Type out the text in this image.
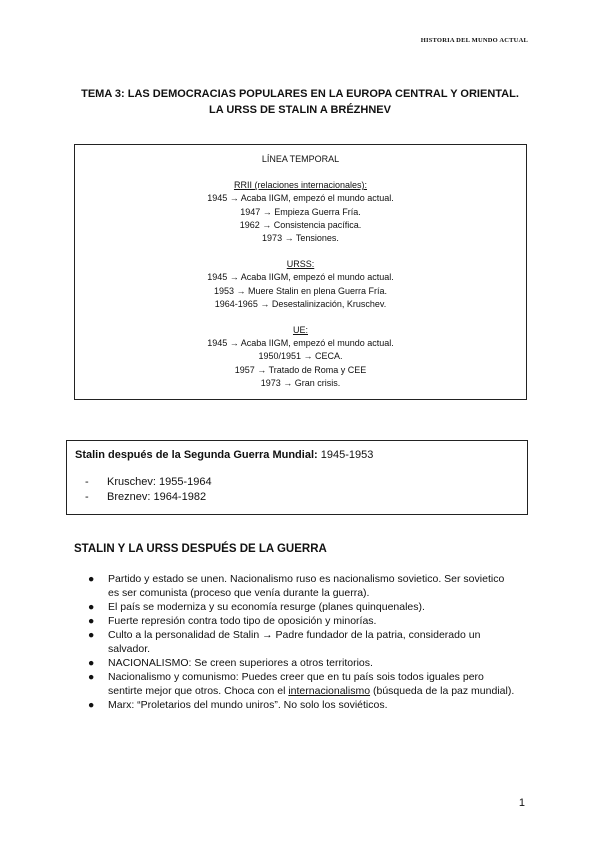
HISTORIA DEL MUNDO ACTUAL
TEMA 3: LAS DEMOCRACIAS POPULARES EN LA EUROPA CENTRAL Y ORIENTAL.
LA URSS DE STALIN A BRÉZHNEV
LÍNEA TEMPORAL
RRII (relaciones internacionales):
1945 → Acaba IIGM, empezó el mundo actual.
1947 → Empieza Guerra Fría.
1962 → Consistencia pacífica.
1973 → Tensiones.
URSS:
1945 → Acaba IIGM, empezó el mundo actual.
1953 → Muere Stalin en plena Guerra Fría.
1964-1965 → Desestalinización, Kruschev.
UE:
1945 → Acaba IIGM, empezó el mundo actual.
1950/1951 → CECA.
1957 → Tratado de Roma y CEE
1973 → Gran crisis.
Stalin después de la Segunda Guerra Mundial: 1945-1953
-	Kruschev: 1955-1964
-	Breznev: 1964-1982
STALIN Y LA URSS DESPUÉS DE LA GUERRA
●	Partido y estado se unen. Nacionalismo ruso es nacionalismo sovietico. Ser sovietico es ser comunista (proceso que venía durante la guerra).
●	El país se moderniza y su economía resurge (planes quinquenales).
●	Fuerte represión contra todo tipo de oposición y minorías.
●	Culto a la personalidad de Stalin → Padre fundador de la patria, considerado un salvador.
●	NACIONALISMO: Se creen superiores a otros territorios.
●	Nacionalismo y comunismo: Puedes creer que en tu país sois todos iguales pero sentirte mejor que otros. Choca con el internacionalismo (búsqueda de la paz mundial).
●	Marx: “Proletarios del mundo uniros”. No solo los soviéticos.
1
